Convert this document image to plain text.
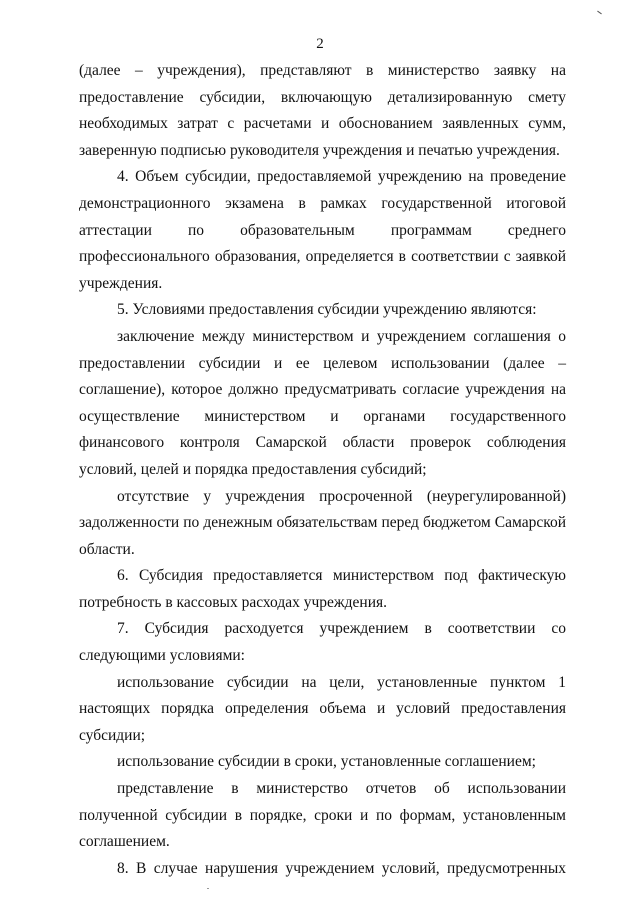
2

(далее – учреждения), представляют в министерство заявку на предоставление субсидии, включающую детализированную смету необходимых затрат с расчетами и обоснованием заявленных сумм, заверенную подписью руководителя учреждения и печатью учреждения.

4. Объем субсидии, предоставляемой учреждению на проведение демонстрационного экзамена в рамках государственной итоговой аттестации по образовательным программам среднего профессионального образования, определяется в соответствии с заявкой учреждения.

5. Условиями предоставления субсидии учреждению являются:

заключение между министерством и учреждением соглашения о предоставлении субсидии и ее целевом использовании (далее – соглашение), которое должно предусматривать согласие учреждения на осуществление министерством и органами государственного финансового контроля Самарской области проверок соблюдения условий, целей и порядка предоставления субсидий;

отсутствие у учреждения просроченной (неурегулированной) задолженности по денежным обязательствам перед бюджетом Самарской области.

6. Субсидия предоставляется министерством под фактическую потребность в кассовых расходах учреждения.

7. Субсидия расходуется учреждением в соответствии со следующими условиями:

использование субсидии на цели, установленные пунктом 1 настоящих порядка определения объема и условий предоставления субсидии;

использование субсидии в сроки, установленные соглашением;

представление в министерство отчетов об использовании полученной субсидии в порядке, сроки и по формам, установленным соглашением.

8. В случае нарушения учреждением условий, предусмотренных
